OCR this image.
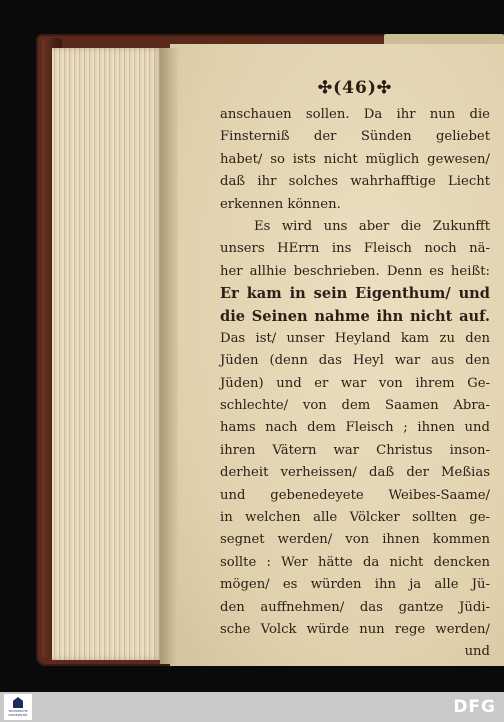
✣(46)✣
anschauen sollen. Da ihr nun die
Finsterniß der Sünden geliebet
habet/ so ists nicht müglich gewesen/
daß ihr solches wahrhafftige Liecht
erkennen können.
Es wird uns aber die Zukunfft
unsers HErrn ins Fleisch noch nä-
her allhie beschrieben. Denn es heißt:
Er kam in sein Eigenthum/ und
die Seinen nahme ihn nicht auf.
Das ist/ unser Heyland kam zu den
Jüden (denn das Heyl war aus den
Jüden) und er war von ihrem Ge-
schlechte/ von dem Saamen Abra-
hams nach dem Fleisch ; ihnen und
ihren Vätern war Christus inson-
derheit verheissen/ daß der Meßias
und gebenedeyete Weibes-Saame/
in welchen alle Völcker sollten ge-
segnet werden/ von ihnen kommen
sollte : Wer hätte da nicht dencken
mögen/ es würden ihn ja alle Jü-
den auffnehmen/ das gantze Jüdi-
sche Volck würde nun rege werden/
und
TECHNISCHE UNIVERSITÄT	DFG
